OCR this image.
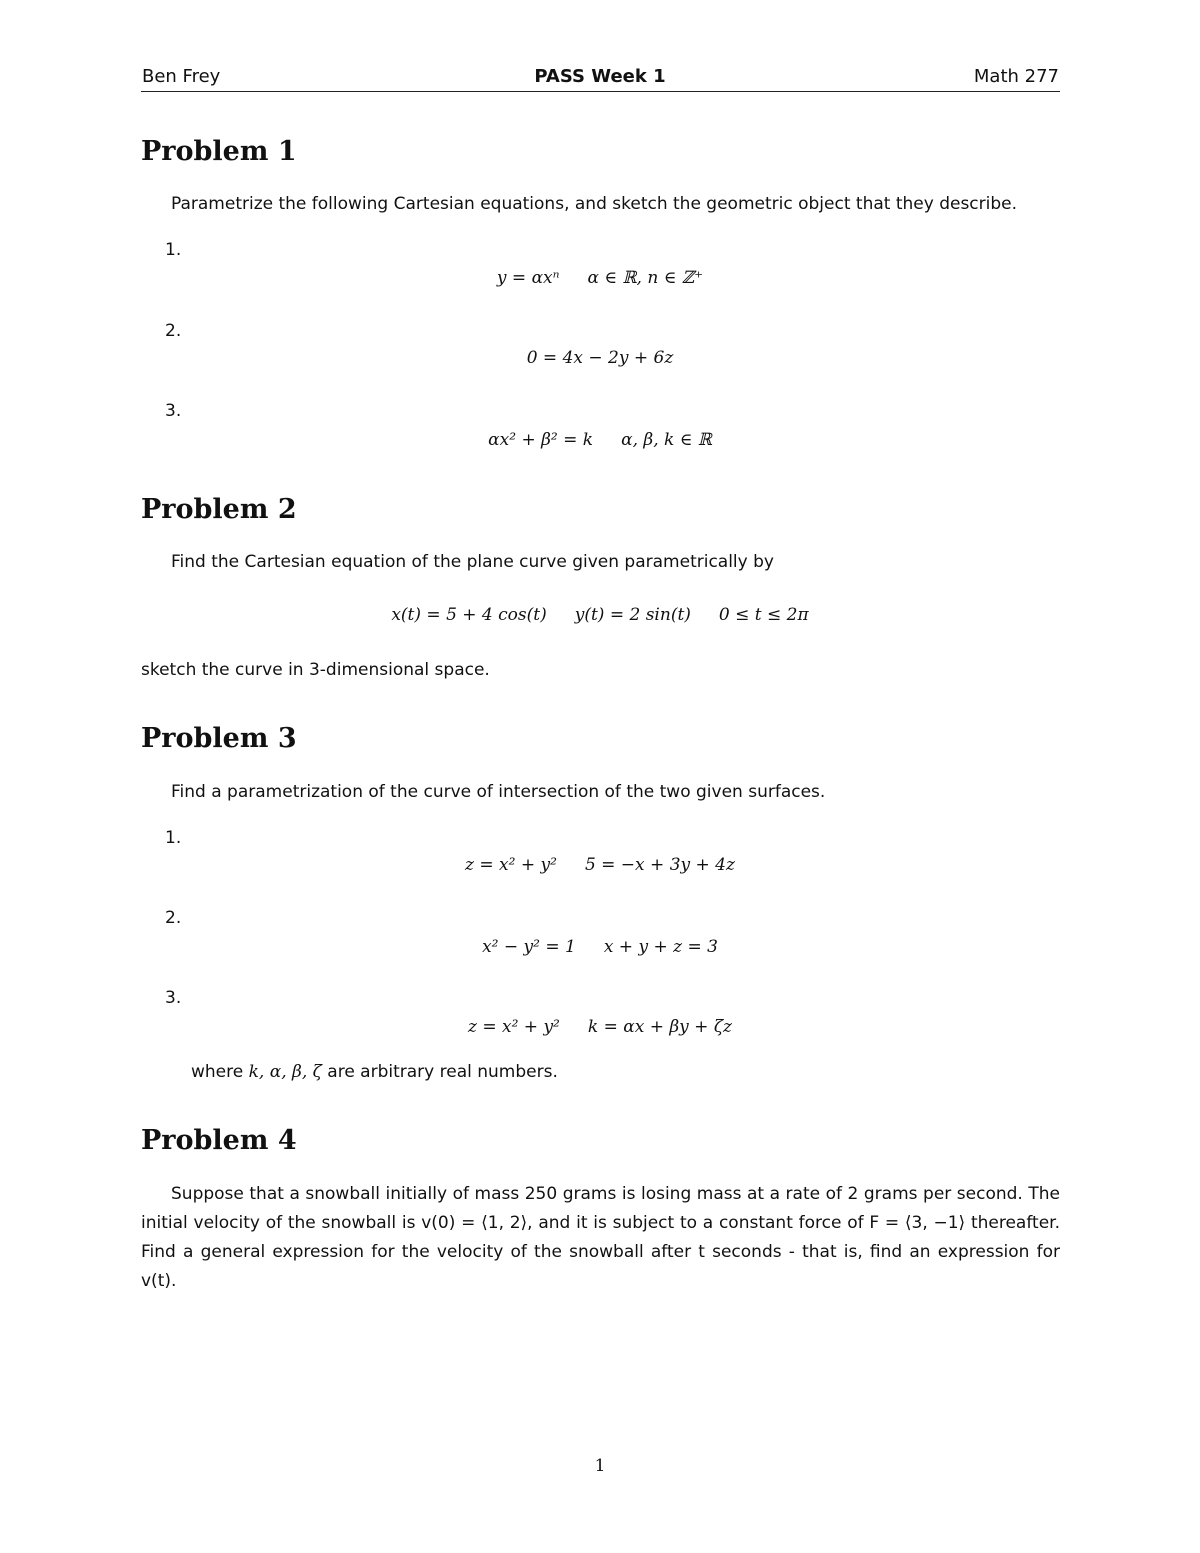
Ben Frey	PASS Week 1	Math 277
Problem 1
Parametrize the following Cartesian equations, and sketch the geometric object that they describe.
1.
y = αxⁿ α ∈ ℝ, n ∈ ℤ⁺
2.
0 = 4x − 2y + 6z
3.
αx² + β² = k α, β, k ∈ ℝ
Problem 2
Find the Cartesian equation of the plane curve given parametrically by
x(t) = 5 + 4 cos(t) y(t) = 2 sin(t) 0 ≤ t ≤ 2π
sketch the curve in 3-dimensional space.
Problem 3
Find a parametrization of the curve of intersection of the two given surfaces.
1.
z = x² + y² 5 = −x + 3y + 4z
2.
x² − y² = 1 x + y + z = 3
3.
z = x² + y² k = αx + βy + ζz
where k, α, β, ζ are arbitrary real numbers.
Problem 4

Suppose that a snowball initially of mass 250 grams is losing mass at a rate of 2 grams per second. The initial velocity of the snowball is v(0) = ⟨1, 2⟩, and it is subject to a constant force of F = ⟨3, −1⟩ thereafter. Find a general expression for the velocity of the snowball after t seconds - that is, find an expression for v(t).

1
